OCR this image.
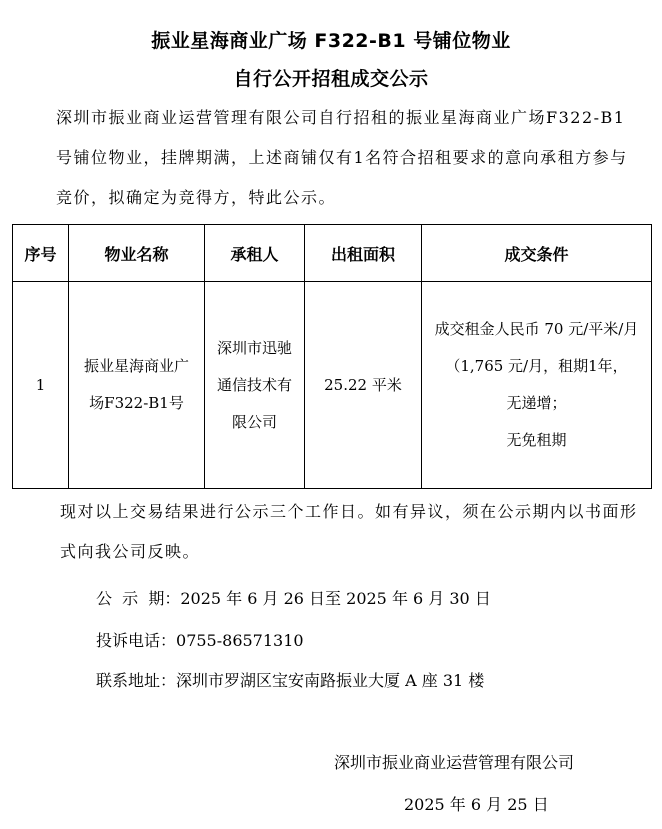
振业星海商业广场 F322-B1 号铺位物业
自行公开招租成交公示
深圳市振业商业运营管理有限公司自行招租的振业星海商业广场F322-B1号铺位物业，挂牌期满，上述商铺仅有1名符合招租要求的意向承租方参与竞价，拟确定为竞得方，特此公示。
序号	物业名称	承租人	出租面积	成交条件
1	振业星海商业广场F322-B1号	深圳市迅驰通信技术有限公司	25.22 平米	成交租金人民币 70 元/平米/月（1,765 元/月，租期1年，
无递增；
无免租期
现对以上交易结果进行公示三个工作日。如有异议，须在公示期内以书面形式向我公司反映。
公  示  期：2025 年 6 月 26 日至 2025 年 6 月 30 日
投诉电话：0755-86571310
联系地址：深圳市罗湖区宝安南路振业大厦 A 座 31 楼
深圳市振业商业运营管理有限公司
2025 年 6 月 25 日
